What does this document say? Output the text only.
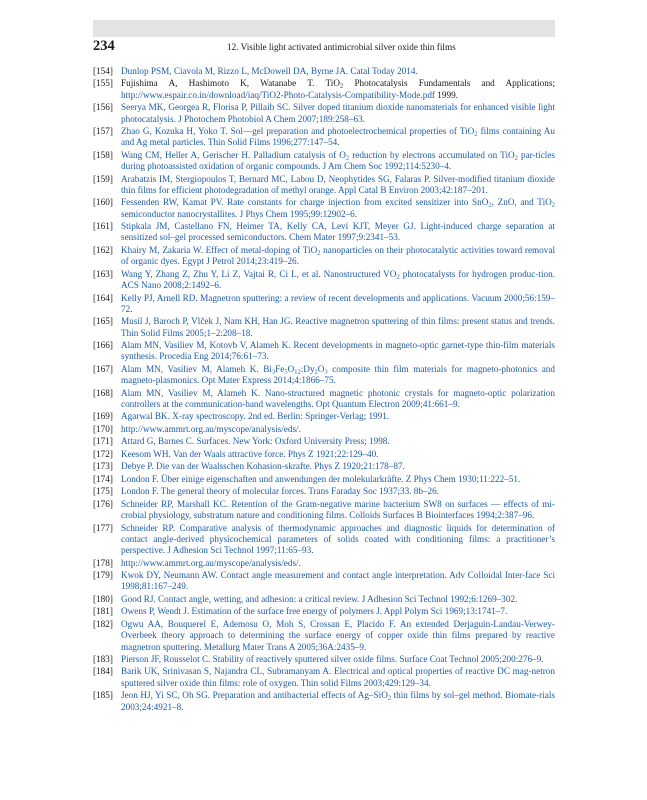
234	12. Visible light activated antimicrobial silver oxide thin films
[154] Dunlop PSM, Ciavola M, Rizzo L, McDowell DA, Byrne JA. Catal Today 2014.
[155] Fujishima A, Hashimoto K, Watanabe T. TiO$_2$ Photocatalysis Fundamentals and Applications; http://www.espair.co.in/download/iaq/TiO2-Photo-Catalysis-Compatibility-Mode.pdf 1999.
[156] Seerya MK, Georgea R, Florisa P, Pillaib SC. Silver doped titanium dioxide nanomaterials for enhanced visible light photocatalysis. J Photochem Photobiol A Chem 2007;189:258–63.
[157] Zhao G, Kozuka H, Yoko T. Sol—gel preparation and photoelectrochemical properties of TiO$_2$ films containing Au and Ag metal particles. Thin Solid Films 1996;277:147–54.
[158] Wang CM, Heller A, Gerischer H. Palladium catalysis of $O_2$ reduction by electrons accumulated on TiO$_2$ par-ticles during photoassisted oxidation of organic compounds. J Am Chem Soc 1992;114:5230–4.
[159] Arabatzis IM, Stergiopoulos T, Bernard MC, Labou D, Neophytides SG, Falaras P. Silver-modified titanium dioxide thin films for efficient photodegradation of methyl orange. Appl Catal B Environ 2003;42:187–201.
[160] Fessenden RW, Kamat PV. Rate constants for charge injection from excited sensitizer into SnO$_2$, ZnO, and TiO$_2$ semiconductor nanocrystallites. J Phys Chem 1995;99:12902–6.
[161] Stipkala JM, Castellano FN, Heimer TA, Kelly CA, Levi KJT, Meyer GJ. Light-induced charge separation at sensitized sol–gel processed semiconductors. Chem Mater 1997;9:2341–53.
[162] Khairy M, Zakaria W. Effect of metal-doping of TiO$_2$ nanoparticles on their photocatalytic activities toward removal of organic dyes. Egypt J Petrol 2014;23:419–26.
[163] Wang Y, Zhang Z, Zhu Y, Li Z, Vajtai R, Ci L, et al. Nanostructured $VO_2$ photocatalysts for hydrogen produc-tion. ACS Nano 2008;2:1492–6.
[164] Kelly PJ, Arnell RD. Magnetron sputtering: a review of recent developments and applications. Vacuum 2000;56:159–72.
[165] Musil J, Baroch P, Vlček J, Nam KH, Han JG. Reactive magnetron sputtering of thin films: present status and trends. Thin Solid Films 2005;1–2:208–18.
[166] Alam MN, Vasiliev M, Kotovb V, Alameh K. Recent developments in magneto-optic garnet-type thin-film materials synthesis. Procedia Eng 2014;76:61–73.
[167] Alam MN, Vasiliev M, Alameh K. $Bi_3Fe_5O_{12}:Dy_2O_3$ composite thin film materials for magneto-photonics and magneto-plasmonics. Opt Mater Express 2014;4:1866–75.
[168] Alam MN, Vasiliev M, Alameh K. Nano-structured magnetic photonic crystals for magneto-optic polarization controllers at the communication-band wavelengths. Opt Quantum Electron 2009;41:661–9.
[169] Agarwal BK. X-ray spectroscopy. 2nd ed. Berlin: Springer-Verlag; 1991.
[170] http://www.ammrt.org.au/myscope/analysis/eds/.
[171] Attard G, Barnes C. Surfaces. New York: Oxford University Press; 1998.
[172] Keesom WH. Van der Waals attractive force. Phys Z 1921;22:129–40.
[173] Debye P. Die van der Waalsschen Kohasion-skrafte. Phys Z 1920;21:178–87.
[174] London F. Über einige eigenschaften und anwendungen der molekularkräfte. Z Phys Chem 1930;11:222–51.
[175] London F. The general theory of molecular forces. Trans Faraday Soc 1937;33. 8b–26.
[176] Schneider RP, Marshall KC. Retention of the Gram-negative marine bacterium SW8 on surfaces — effects of mi-crobial physiology, substratum nature and conditioning films. Colloids Surfaces B Biointerfaces 1994;2:387–96.
[177] Schneider RP. Comparative analysis of thermodynamic approaches and diagnostic liquids for determination of contact angle-derived physicochemical parameters of solids coated with conditioning films: a practitioner’s perspective. J Adhesion Sci Technol 1997;11:65–93.
[178] http://www.ammrt.org.au/myscope/analysis/eds/.
[179] Kwok DY, Neumann AW. Contact angle measurement and contact angle interpretation. Adv Colloidal Inter-face Sci 1998;81:167–249.
[180] Good RJ. Contact angle, wetting, and adhesion: a critical review. J Adhesion Sci Technol 1992;6:1269–302.
[181] Owens P, Wendt J. Estimation of the surface free energy of polymers J. Appl Polym Sci 1969;13:1741–7.
[182] Ogwu AA, Bouquerel E, Ademosu O, Moh S, Crossan E, Placido F. An extended Derjaguin-Landau-Verwey-Overbeek theory approach to determining the surface energy of copper oxide thin films prepared by reactive magnetron sputtering. Metallurg Mater Trans A 2005;36A:2435–9.
[183] Pierson JF, Rousselot C. Stability of reactively sputtered silver oxide films. Surface Coat Technol 2005;200:276–9.
[184] Barik UK, Srinivasan S, Najandra CL, Subramanyam A. Electrical and optical properties of reactive DC mag-netron sputtered silver oxide thin films: role of oxygen. Thin solid Films 2003;429:129–34.
[185] Jeon HJ, Yi SC, Oh SG. Preparation and antibacterial effects of Ag–SiO$_2$ thin films by sol–gel method. Biomate-rials 2003;24:4921–8.
